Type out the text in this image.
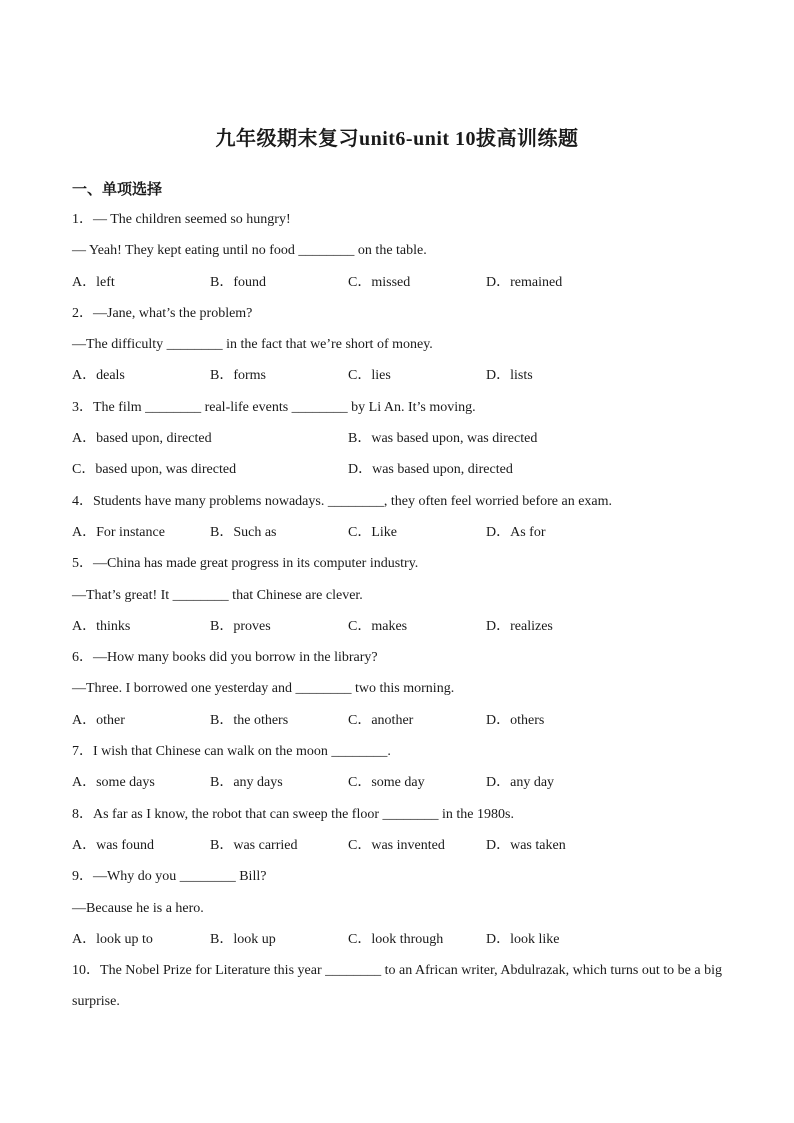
九年级期末复习unit6-unit 10拔高训练题
一、单项选择
1．— The children seemed so hungry!
— Yeah! They kept eating until no food ________ on the table.
A．left	B．found	C．missed	D．remained
2．—Jane, what’s the problem?
—The difficulty ________ in the fact that we’re short of money.
A．deals	B．forms	C．lies	D．lists
3．The film ________ real-life events ________ by Li An. It’s moving.
A．based upon, directed	B．was based upon, was directed
C．based upon, was directed	D．was based upon, directed
4．Students have many problems nowadays. ________, they often feel worried before an exam.
A．For instance	B．Such as	C．Like	D．As for
5．—China has made great progress in its computer industry.
—That’s great! It ________ that Chinese are clever.
A．thinks	B．proves	C．makes	D．realizes
6．—How many books did you borrow in the library?
—Three. I borrowed one yesterday and ________ two this morning.
A．other	B．the others	C．another	D．others
7．I wish that Chinese can walk on the moon ________.
A．some days	B．any days	C．some day	D．any day
8．As far as I know, the robot that can sweep the floor ________ in the 1980s.
A．was found	B．was carried	C．was invented	D．was taken
9．—Why do you ________ Bill?
—Because he is a hero.
A．look up to	B．look up	C．look through	D．look like
10．The Nobel Prize for Literature this year ________ to an African writer, Abdulrazak, which turns out to be a big surprise.
